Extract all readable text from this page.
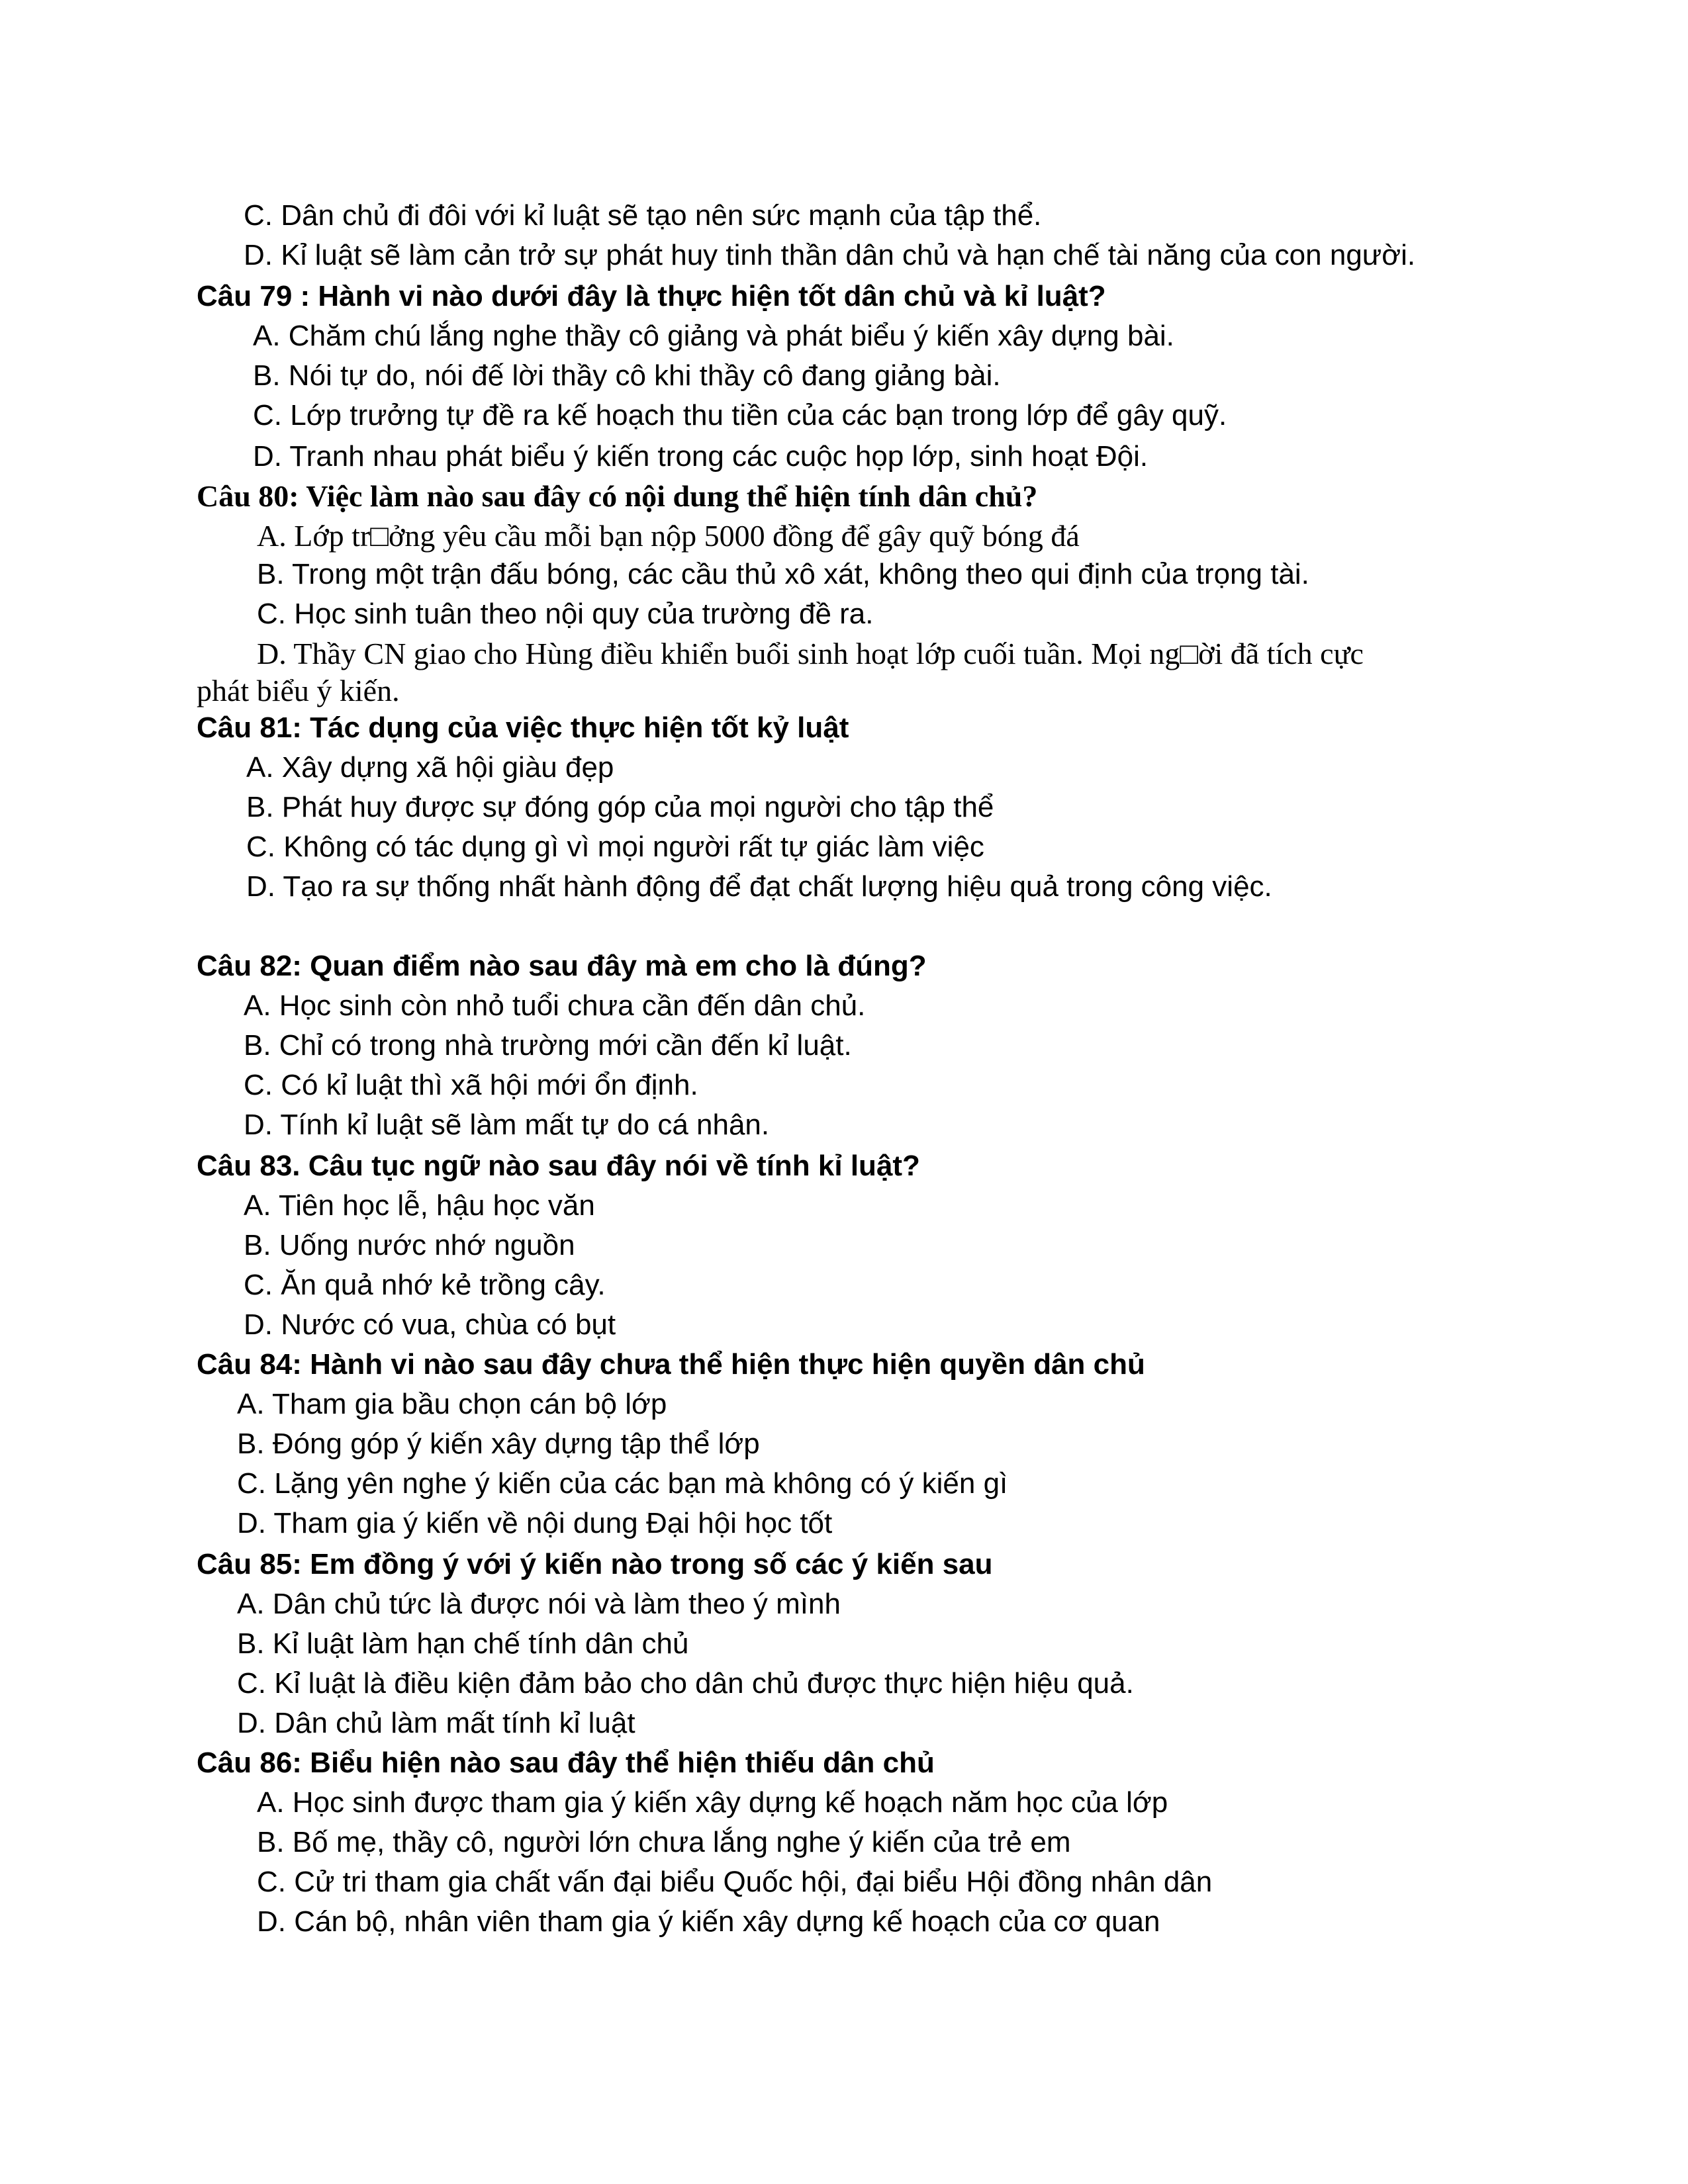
C. Dân chủ đi đôi với kỉ luật sẽ tạo nên sức mạnh của tập thể.
D. Kỉ luật sẽ làm cản trở sự phát huy tinh thần dân chủ và hạn chế tài năng của con người.
Câu 79 : Hành vi nào dưới đây là thực hiện tốt dân chủ và kỉ luật?
A. Chăm chú lắng nghe thầy cô giảng và phát biểu ý kiến xây dựng bài.
B. Nói tự do, nói đế lời thầy cô khi thầy cô đang giảng bài.
C. Lớp trưởng tự đề ra kế hoạch thu tiền của các bạn trong lớp để gây quỹ.
D. Tranh nhau phát biểu ý kiến trong các cuộc họp lớp, sinh hoạt Đội.
Câu 80: Việc làm nào sau đây có nội dung thể hiện tính dân chủ?
A. Lớp tr□ởng yêu cầu mỗi bạn nộp 5000 đồng để gây quỹ bóng đá
B. Trong một trận đấu bóng, các cầu thủ xô xát, không theo qui định của trọng tài.
C. Học sinh tuân theo nội quy của trường đề ra.
D. Thầy CN giao cho Hùng điều khiển buổi sinh hoạt lớp cuối tuần. Mọi ng□ời đã tích cực
phát biểu ý kiến.
Câu 81: Tác dụng của việc thực hiện tốt kỷ luật
A. Xây dựng xã hội giàu đẹp
B. Phát huy được sự đóng góp của mọi người cho tập thể
C. Không có tác dụng gì vì mọi người rất tự giác làm việc
D. Tạo ra sự thống nhất hành động để đạt chất lượng hiệu quả trong công việc.
Câu 82: Quan điểm nào sau đây mà em cho là đúng?
A. Học sinh còn nhỏ tuổi chưa cần đến dân chủ.
B. Chỉ có trong nhà trường mới cần đến kỉ luật.
C. Có kỉ luật thì xã hội mới ổn định.
D. Tính kỉ luật sẽ làm mất tự do cá nhân.
Câu 83. Câu tục ngữ nào sau đây nói về tính kỉ luật?
A. Tiên học lễ, hậu học văn
B. Uống nước nhớ nguồn
C. Ăn quả nhớ kẻ trồng cây.
D. Nước có vua, chùa có bụt
Câu 84: Hành vi nào sau đây chưa thể hiện thực hiện quyền dân chủ
A. Tham gia bầu chọn cán bộ lớp
B. Đóng góp ý kiến xây dựng tập thể lớp
C. Lặng yên nghe ý kiến của các bạn mà không có ý kiến gì
D. Tham gia ý kiến về nội dung Đại hội học tốt
Câu 85: Em đồng ý với ý kiến nào trong số các ý kiến sau
A. Dân chủ tức là được nói và làm theo ý mình
B. Kỉ luật làm hạn chế tính dân chủ
C. Kỉ luật là điều kiện đảm bảo cho dân chủ được thực hiện hiệu quả.
D. Dân chủ làm mất tính kỉ luật
Câu 86: Biểu hiện nào sau đây thể hiện thiếu dân chủ
A. Học sinh được tham gia ý kiến xây dựng kế hoạch năm học của lớp
B. Bố mẹ, thầy cô, người lớn chưa lắng nghe ý kiến của trẻ em
C. Cử tri tham gia chất vấn đại biểu Quốc hội, đại biểu Hội đồng nhân dân
D. Cán bộ, nhân viên tham gia ý kiến xây dựng kế hoạch của cơ quan
